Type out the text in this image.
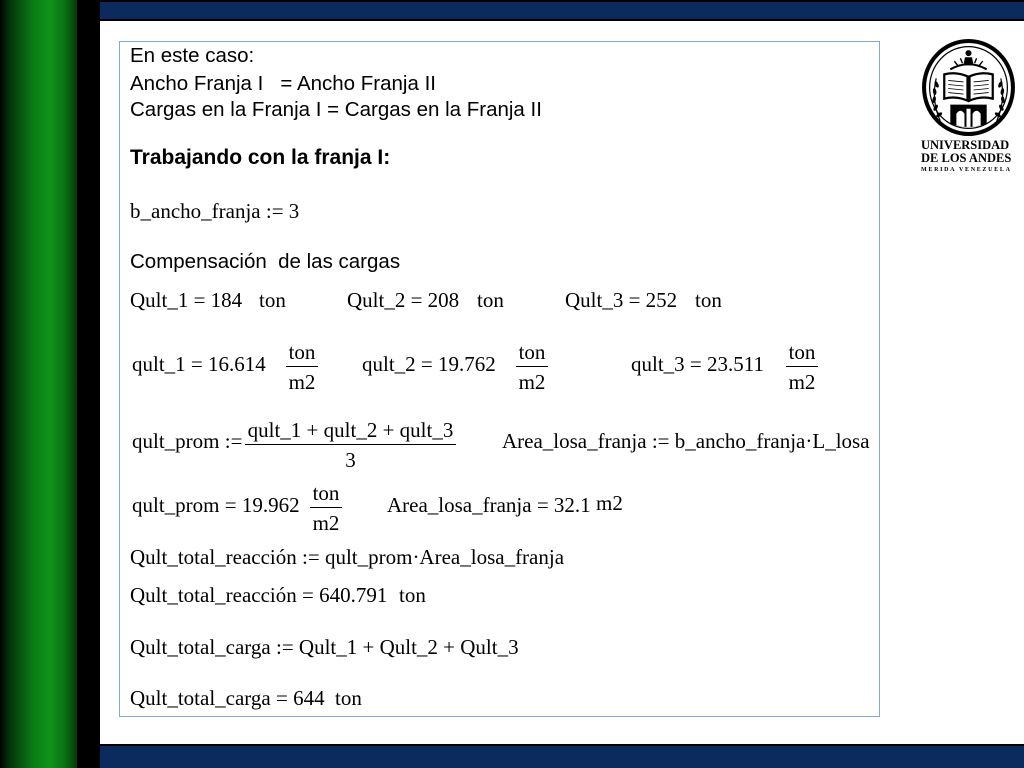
En este caso:
Ancho Franja I   = Ancho Franja II
Cargas en la Franja I = Cargas en la Franja II
Trabajando con la franja I:
b_ancho_franja := 3
Compensación  de las cargas
Qult_1 = 184 ton	Qult_2 = 208 ton	Qult_3 = 252 ton
qult_1 = 16.614 ton
m2
qult_2 = 19.762 ton
m2
qult_3 = 23.511 ton
m2
qult_prom := qult_1 + qult_2 + qult_3
3
Area_losa_franja := b_ancho_franja·L_losa
qult_prom = 19.962 ton
m2
Area_losa_franja = 32.1 m2
Qult_total_reacción := qult_prom·Area_losa_franja
Qult_total_reacción = 640.791 ton
Qult_total_carga := Qult_1 + Qult_2 + Qult_3
Qult_total_carga = 644 ton
UNIVERSIDAD
DE LOS ANDES
MERIDA VENEZUELA
